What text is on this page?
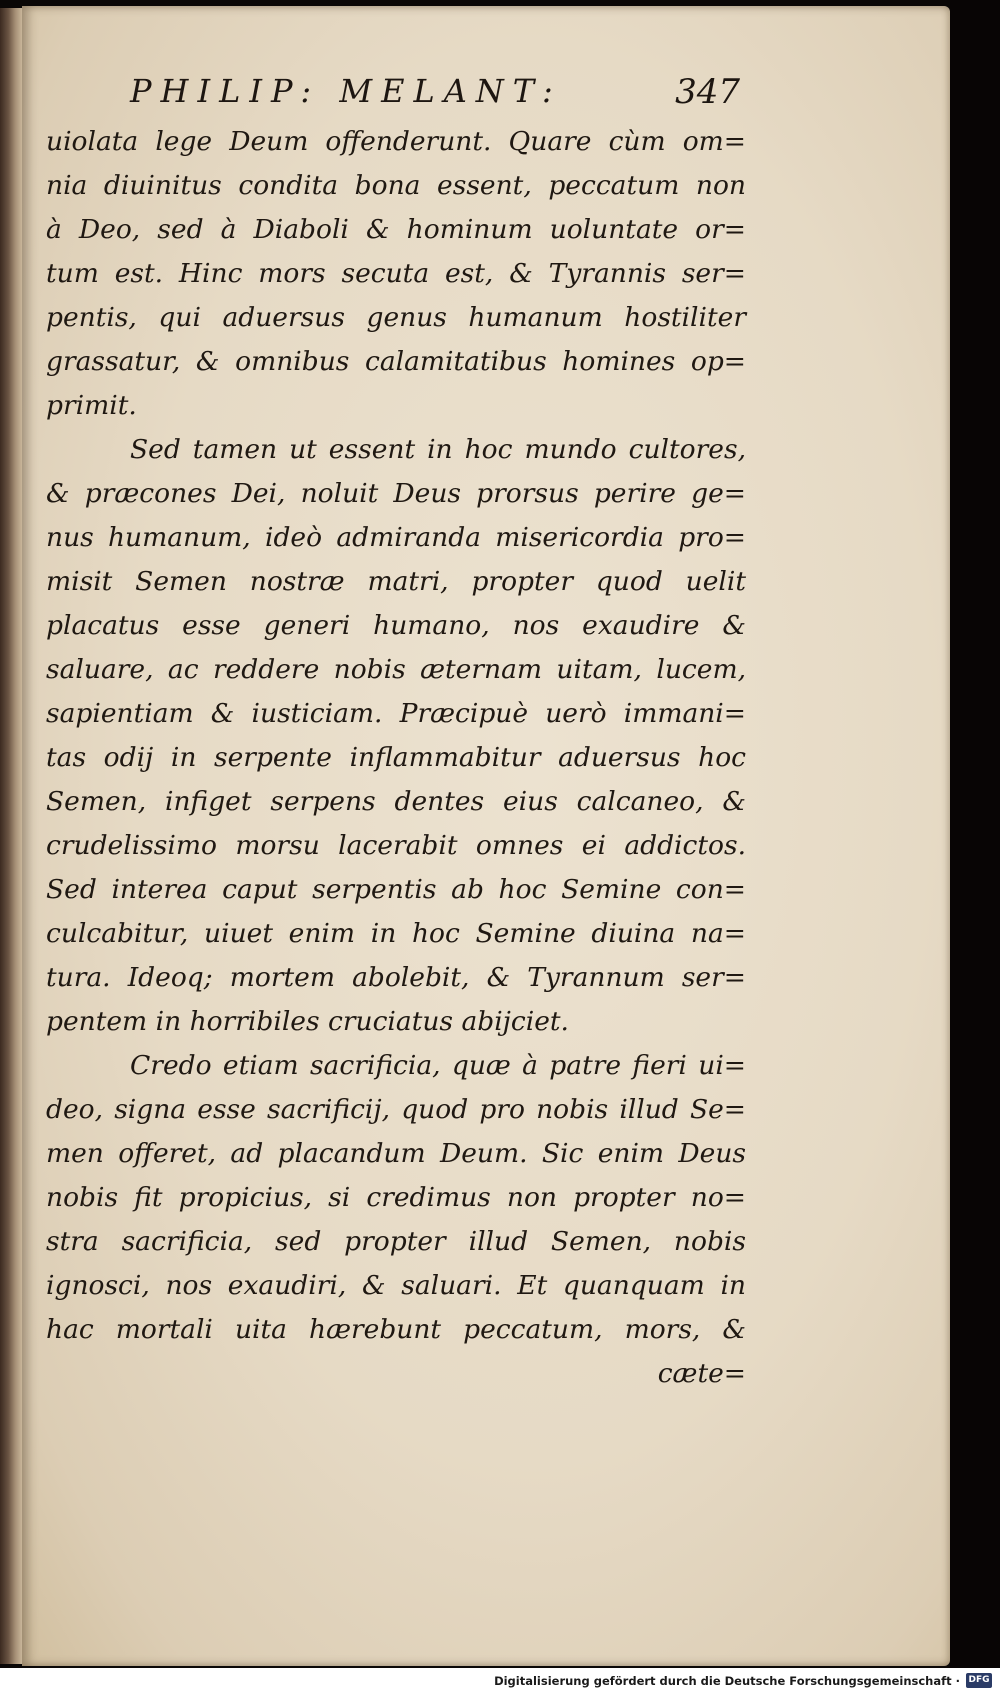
PHILIP: MELANT:	347
uiolata lege Deum offenderunt. Quare cùm om=
nia diuinitus condita bona essent, peccatum non
à Deo, sed à Diaboli & hominum uoluntate or=
tum est. Hinc mors secuta est, & Tyrannis ser=
pentis, qui aduersus genus humanum hostiliter
grassatur, & omnibus calamitatibus homines op=
primit.
Sed tamen ut essent in hoc mundo cultores,
& præcones Dei, noluit Deus prorsus perire ge=
nus humanum, ideò admiranda misericordia pro=
misit Semen nostræ matri, propter quod uelit
placatus esse generi humano, nos exaudire &
saluare, ac reddere nobis æternam uitam, lucem,
sapientiam & iusticiam. Præcipuè uerò immani=
tas odij in serpente inflammabitur aduersus hoc
Semen, infiget serpens dentes eius calcaneo, &
crudelissimo morsu lacerabit omnes ei addictos.
Sed interea caput serpentis ab hoc Semine con=
culcabitur, uiuet enim in hoc Semine diuina na=
tura. Ideoq; mortem abolebit, & Tyrannum ser=
pentem in horribiles cruciatus abijciet.
Credo etiam sacrificia, quæ à patre fieri ui=
deo, signa esse sacrificij, quod pro nobis illud Se=
men offeret, ad placandum Deum. Sic enim Deus
nobis fit propicius, si credimus non propter no=
stra sacrificia, sed propter illud Semen, nobis
ignosci, nos exaudiri, & saluari. Et quanquam in
hac mortali uita hærebunt peccatum, mors, &
cæte=
Digitalisierung gefördert durch die Deutsche Forschungsgemeinschaft · DFG
